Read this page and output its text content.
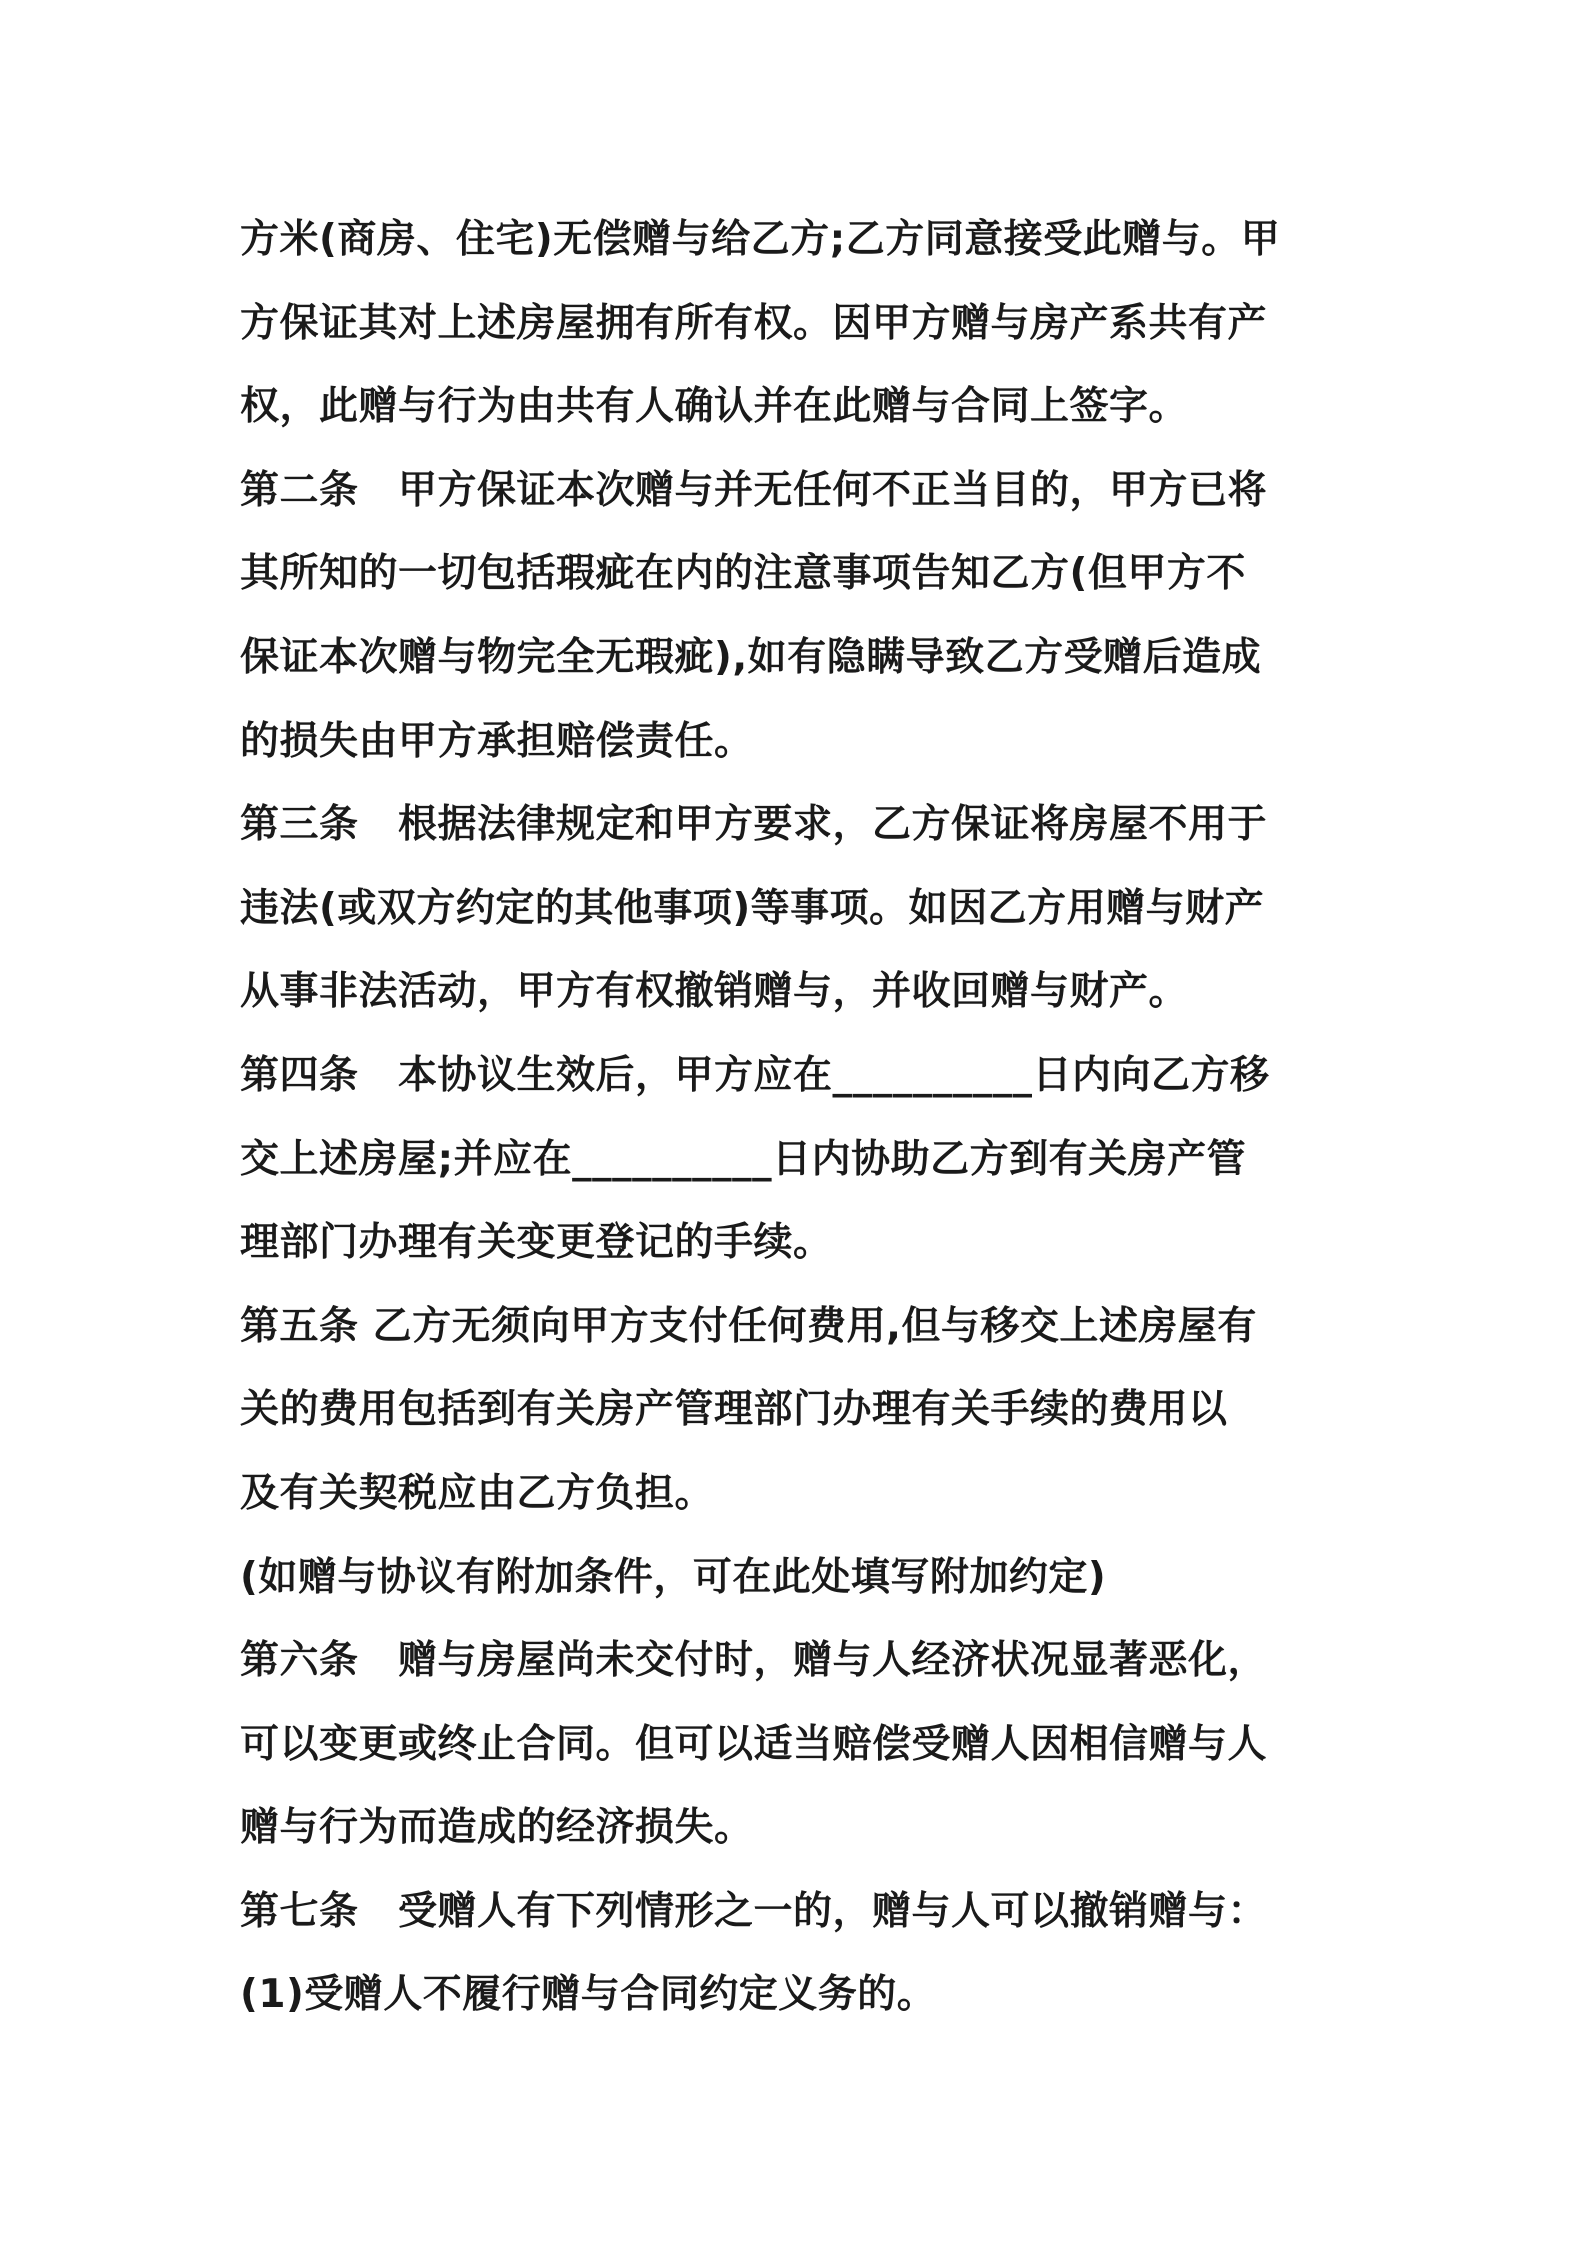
方米(商房、住宅)无偿赠与给乙方;乙方同意接受此赠与。甲
方保证其对上述房屋拥有所有权。因甲方赠与房产系共有产
权，此赠与行为由共有人确认并在此赠与合同上签字。
第二条　甲方保证本次赠与并无任何不正当目的，甲方已将
其所知的一切包括瑕疵在内的注意事项告知乙方(但甲方不
保证本次赠与物完全无瑕疵),如有隐瞒导致乙方受赠后造成
的损失由甲方承担赔偿责任。
第三条　根据法律规定和甲方要求，乙方保证将房屋不用于
违法(或双方约定的其他事项)等事项。如因乙方用赠与财产
从事非法活动，甲方有权撤销赠与，并收回赠与财产。
第四条　本协议生效后，甲方应在__________日内向乙方移
交上述房屋;并应在__________日内协助乙方到有关房产管
理部门办理有关变更登记的手续。
第五条 乙方无须向甲方支付任何费用,但与移交上述房屋有
关的费用包括到有关房产管理部门办理有关手续的费用以
及有关契税应由乙方负担。
(如赠与协议有附加条件，可在此处填写附加约定)
第六条　赠与房屋尚未交付时，赠与人经济状况显著恶化，
可以变更或终止合同。但可以适当赔偿受赠人因相信赠与人
赠与行为而造成的经济损失。
第七条　受赠人有下列情形之一的，赠与人可以撤销赠与：
(1)受赠人不履行赠与合同约定义务的。
